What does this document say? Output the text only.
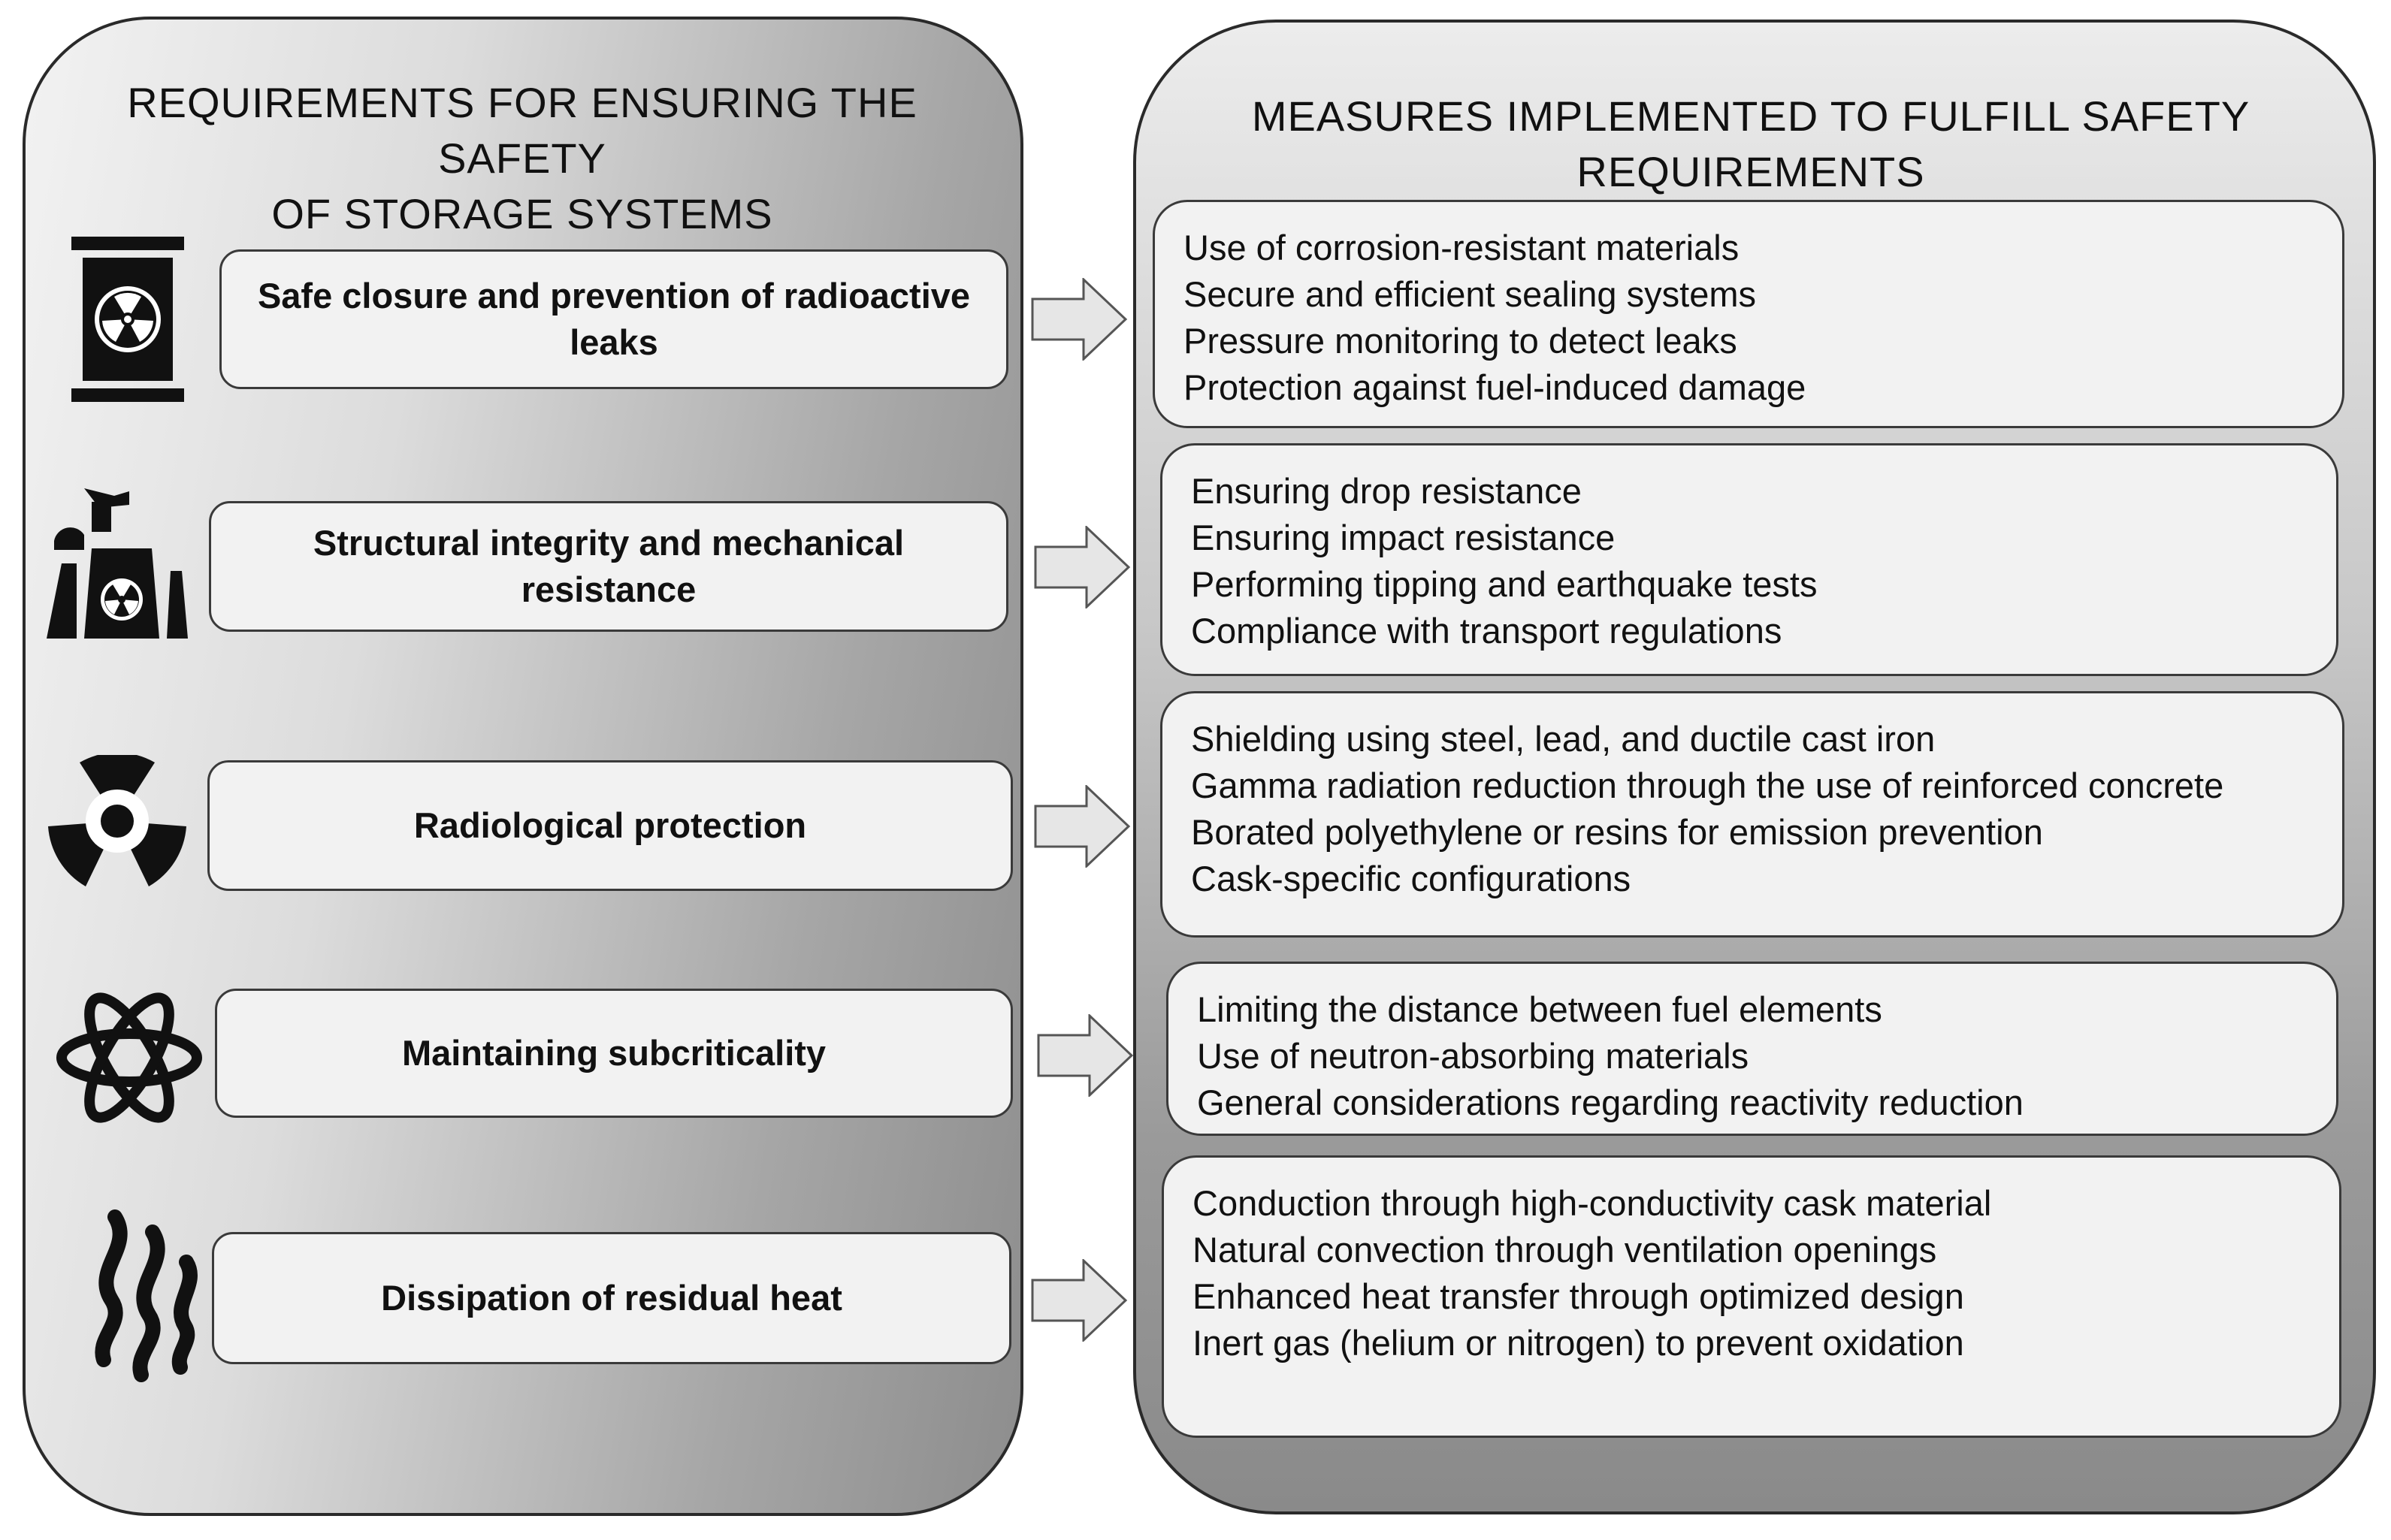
REQUIREMENTS FOR ENSURING THE SAFETY
OF STORAGE SYSTEMS
MEASURES IMPLEMENTED TO FULFILL SAFETY
REQUIREMENTS
Safe closure and prevention of radioactive leaks
Structural integrity and mechanical resistance
Radiological protection
Maintaining subcriticality
Dissipation of residual heat
Use of corrosion-resistant materials
Secure and efficient sealing systems
Pressure monitoring to detect leaks
Protection against fuel-induced damage
Ensuring drop resistance
Ensuring impact resistance
Performing tipping and earthquake tests
Compliance with transport regulations
Shielding using steel, lead, and ductile cast iron
Gamma radiation reduction through the use of reinforced concrete
Borated polyethylene or resins for emission prevention
Cask-specific configurations
Limiting the distance between fuel elements
Use of neutron-absorbing materials
General considerations regarding reactivity reduction
Conduction through high-conductivity cask material
Natural convection through ventilation openings
Enhanced heat transfer through optimized design
Inert gas (helium or nitrogen) to prevent oxidation
